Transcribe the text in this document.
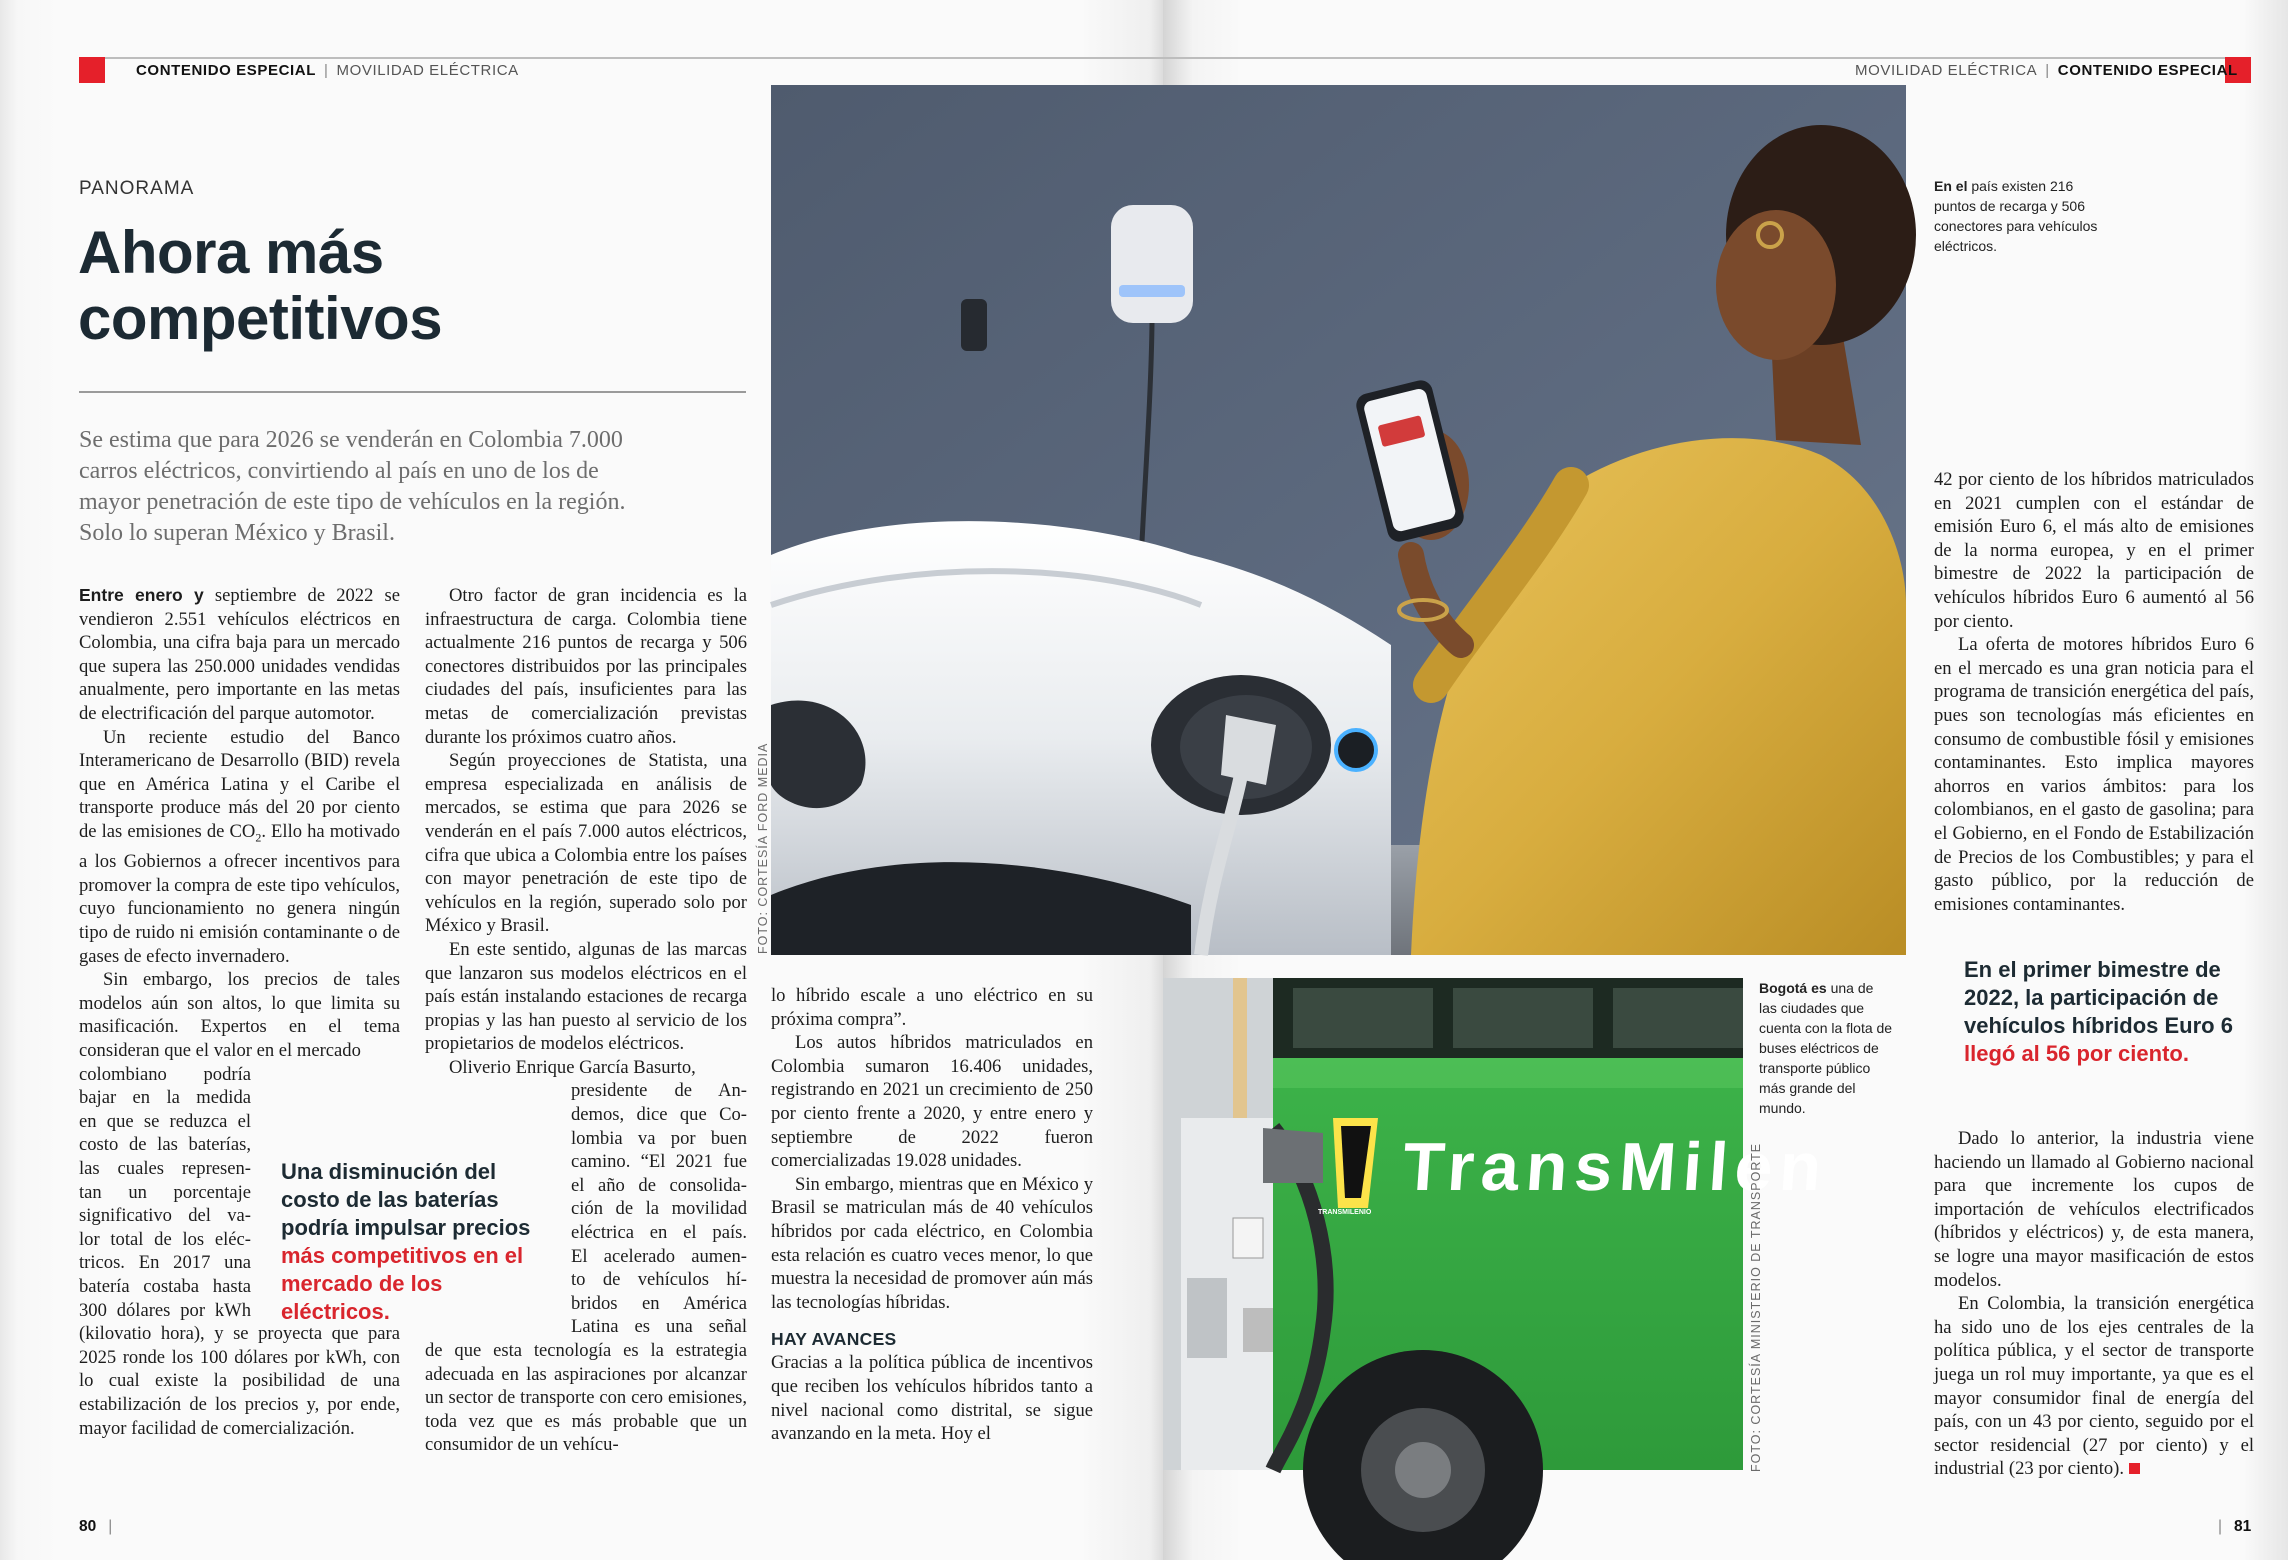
CONTENIDO ESPECIAL | MOVILIDAD ELÉCTRICA	MOVILIDAD ELÉCTRICA | CONTENIDO ESPECIAL
PANORAMA
Ahora más
competitivos
Se estima que para 2026 se venderán en Colombia 7.000 carros eléctricos, convirtiendo al país en uno de los de mayor penetración de este tipo de vehículos en la región. Solo lo superan México y Brasil.

Entre enero y septiembre de 2022 se vendieron 2.551 vehículos eléctricos en Colombia, una cifra baja para un mercado que supera las 250.000 unidades vendidas anualmente, pero importante en las metas de electrificación del parque automotor.

Un reciente estudio del Banco Interamericano de Desarrollo (BID) revela que en América Latina y el Caribe el transporte produce más del 20 por ciento de las emisiones de $CO_2$. Ello ha motivado a los Gobiernos a ofrecer incentivos para promover la compra de este tipo vehículos, cuyo funcionamiento no genera ningún tipo de ruido ni emisión contaminante o de gases de efecto invernadero.

Sin embargo, los precios de tales modelos aún son altos, lo que limita su masificación. Expertos en el tema consideran que el valor en el mercado

colombiano podría
bajar en la medida
en que se reduzca el
costo de las baterías,
las cuales represen-
tan un porcentaje
significativo del va-
lor total de los eléc-
tricos. En 2017 una
batería costaba hasta
300 dólares por kWh
(kilovatio hora), y se proyecta que para 2025 ronde los 100 dólares por kWh, con lo cual existe la posibilidad de una estabilización de los precios y, por ende, mayor facilidad de comercialización.
Una disminución del costo de las baterías podría impulsar precios más competitivos en el mercado de los eléctricos.

Otro factor de gran incidencia es la infraestructura de carga. Colombia tiene actualmente 216 puntos de recarga y 506 conectores distribuidos por las principales ciudades del país, insuficientes para las metas de comercialización previstas durante los próximos cuatro años.

Según proyecciones de Statista, una empresa especializada en análisis de mercados, se estima que para 2026 se venderán en el país 7.000 autos eléctricos, cifra que ubica a Colombia entre los países con mayor penetración de este tipo de vehículos en la región, superado solo por México y Brasil.

En este sentido, algunas de las marcas que lanzaron sus modelos eléctricos en el país están instalando estaciones de recarga propias y las han puesto al servicio de los propietarios de modelos eléctricos.

Oliverio Enrique García Basurto,

presidente de An-
demos, dice que Co-
lombia va por buen
camino. “El 2021 fue
el año de consolida-
ción de la movilidad
eléctrica en el país.
El acelerado aumen-
to de vehículos hí-
bridos en América
Latina es una señal
de que esta tecnología es la estrategia adecuada en las aspiraciones por alcanzar un sector de transporte con cero emisiones, toda vez que es más probable que un consumidor de un vehícu-
FOTO: CORTESÍA FORD MEDIA
En el país existen 216 puntos de recarga y 506 conectores para vehículos eléctricos.
lo híbrido escale a uno eléctrico en su próxima compra”.

Los autos híbridos matriculados en Colombia sumaron 16.406 unidades, registrando en 2021 un crecimiento de 250 por ciento frente a 2020, y entre enero y septiembre de 2022 fueron comercializadas 19.028 unidades.

Sin embargo, mientras que en México y Brasil se matriculan más de 40 vehículos híbridos por cada eléctrico, en Colombia esta relación es cuatro veces menor, lo que muestra la necesidad de promover aún más las tecnologías híbridas.

HAY AVANCES
Gracias a la política pública de incentivos que reciben los vehículos híbridos tanto a nivel nacional como distrital, se sigue avanzando en la meta. Hoy el
TRANSMILENIO
TransMilen
FOTO: CORTESÍA MINISTERIO DE TRANSPORTE
Bogotá es una de las ciudades que cuenta con la flota de buses eléctricos de transporte público más grande del mundo.
42 por ciento de los híbridos matriculados en 2021 cumplen con el estándar de emisión Euro 6, el más alto de emisiones de la norma europea, y en el primer bimestre de 2022 la participación de vehículos híbridos Euro 6 aumentó al 56 por ciento.

La oferta de motores híbridos Euro 6 en el mercado es una gran noticia para el programa de transición energética del país, pues son tecnologías más eficientes en consumo de combustible fósil y emisiones contaminantes. Esto implica mayores ahorros en varios ámbitos: para los colombianos, en el gasto de gasolina; para el Gobierno, en el Fondo de Estabilización de Precios de los Combustibles; y para el gasto público, por la reducción de emisiones contaminantes.

En el primer bimestre de 2022, la participación de vehículos híbridos Euro 6 llegó al 56 por ciento.

Dado lo anterior, la industria viene haciendo un llamado al Gobierno nacional para que incremente los cupos de importación de vehículos electrificados (híbridos y eléctricos) y, de esta manera, se logre una mayor masificación de estos modelos.

En Colombia, la transición energética ha sido uno de los ejes centrales de la política pública, y el sector de transporte juega un rol muy importante, ya que es el mayor consumidor final de energía del país, con un 43 por ciento, seguido por el sector residencial (27 por ciento) y el industrial (23 por ciento).

80 |	| 81
